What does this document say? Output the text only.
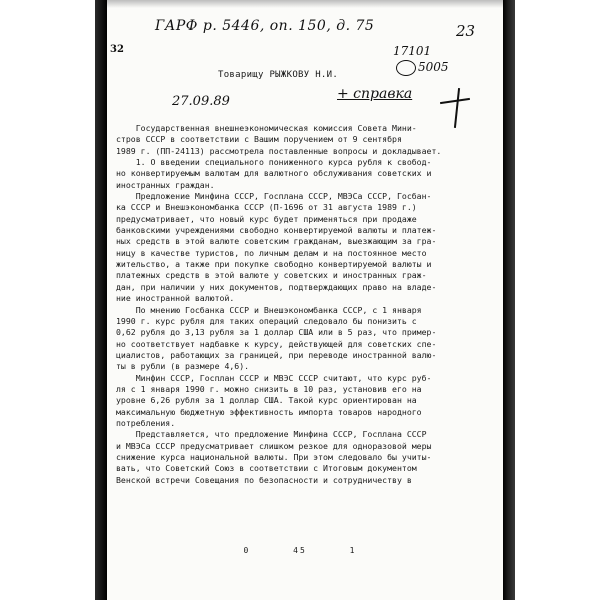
ГАРФ р. 5446, оп. 150, д. 75	23
17101
5005
32
Товарищу РЫЖКОВУ Н.И.
27.09.89	+ справка

Государственная внешнеэкономическая комиссия Совета Мини-

стров СССР в соответствии с Вашим поручением от 9 сентября

1989 г. (ПП-24113) рассмотрела поставленные вопросы и докладывает.

1. О введении специального пониженного курса рубля к свобод-

но конвертируемым валютам для валютного обслуживания советских и

иностранных граждан.

Предложение Минфина СССР, Госплана СССР, МВЭСа СССР, Госбан-

ка СССР и Внешэкономбанка СССР (П-1696 от 31 августа 1989 г.)

предусматривает, что новый курс будет применяться при продаже

банковскими учреждениями свободно конвертируемой валюты и платеж-

ных средств в этой валюте советским гражданам, выезжающим за гра-

ницу в качестве туристов, по личным делам и на постоянное место

жительство, а также при покупке свободно конвертируемой валюты и

платежных средств в этой валюте у советских и иностранных граж-

дан, при наличии у них документов, подтверждающих право на владе-

ние иностранной валютой.

По мнению Госбанка СССР и Внешэкономбанка СССР, с 1 января

1990 г. курс рубля для таких операций следовало бы понизить с

0,62 рубля до 3,13 рубля за 1 доллар США или в 5 раз, что пример-

но соответствует надбавке к курсу, действующей для советских спе-

циалистов, работающих за границей, при переводе иностранной валю-

ты в рубли (в размере 4,6).

Минфин СССР, Госплан СССР и МВЭС СССР считают, что курс руб-

ля с 1 января 1990 г. можно снизить в 10 раз, установив его на

уровне 6,26 рубля за 1 доллар США. Такой курс ориентирован на

максимальную бюджетную эффективность импорта товаров народного

потребления.

Представляется, что предложение Минфина СССР, Госплана СССР

и МВЭСа СССР предусматривает слишком резкое для одноразовой меры

снижение курса национальной валюты. При этом следовало бы учиты-

вать, что Советский Союз в соответствии с Итоговым документом

Венской встречи Совещания по безопасности и сотрудничеству в

0	45	1
